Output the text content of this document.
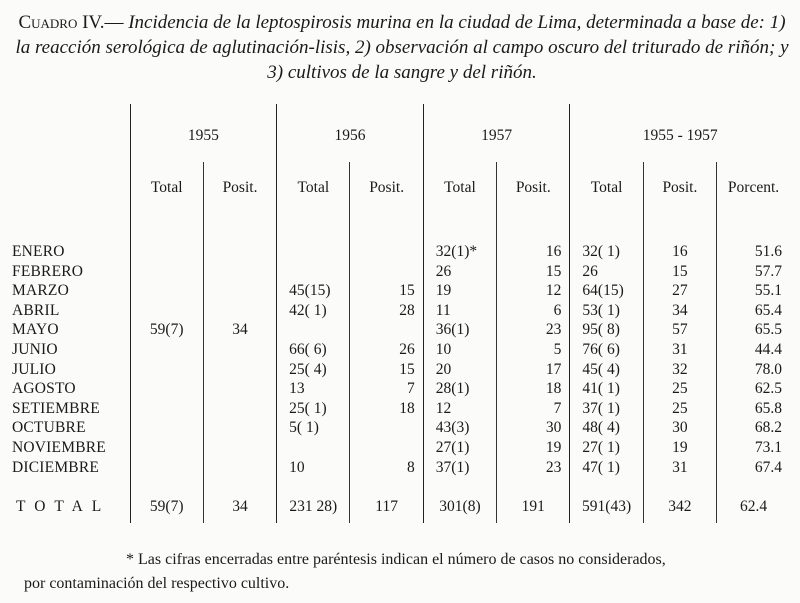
Cuadro IV.— Incidencia de la leptospirosis murina en la ciudad de Lima, determinada a base de: 1) la reacción serológica de aglutinación-lisis, 2) observación al campo oscuro del triturado de riñón; y 3) cultivos de la sangre y del riñón.

	1955		1956		1957		1955 - 1957		
	Total	Posit.	Total	Posit.	Total	Posit.	Total	Posit.	Porcent.

ENERO					32(1)*	16	32( 1)	16	51.6
FEBRERO					26	15	26	15	57.7
MARZO			45(15)	15	19	12	64(15)	27	55.1
ABRIL			42( 1)	28	11	6	53( 1)	34	65.4
MAYO	59(7)	34			36(1)	23	95( 8)	57	65.5
JUNIO			66( 6)	26	10	5	76( 6)	31	44.4
JULIO			25( 4)	15	20	17	45( 4)	32	78.0
AGOSTO			13	7	28(1)	18	41( 1)	25	62.5
SETIEMBRE			25( 1)	18	12	7	37( 1)	25	65.8
OCTUBRE			5( 1)		43(3)	30	48( 4)	30	68.2
NOVIEMBRE					27(1)	19	27( 1)	19	73.1
DICIEMBRE			10	8	37(1)	23	47( 1)	31	67.4

TOTAL	59(7)	34	231 28)	117	301(8)	191	591(43)	342	62.4
* Las cifras encerradas entre paréntesis indican el número de casos no considerados,
por contaminación del respectivo cultivo.
